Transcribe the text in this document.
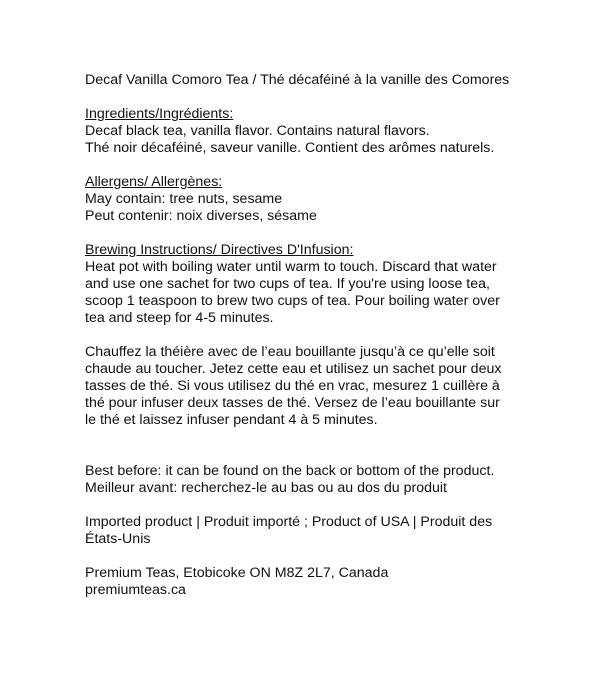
Decaf Vanilla Comoro Tea / Thé décaféiné à la vanille des Comores
Ingredients/Ingrédients:
Decaf black tea, vanilla flavor. Contains natural flavors.
Thé noir décaféiné, saveur vanille. Contient des arômes naturels.
Allergens/ Allergènes:
May contain: tree nuts, sesame
Peut contenir: noix diverses, sésame
Brewing Instructions/ Directives D'Infusion:
Heat pot with boiling water until warm to touch. Discard that water
and use one sachet for two cups of tea. If you're using loose tea,
scoop 1 teaspoon to brew two cups of tea. Pour boiling water over
tea and steep for 4-5 minutes.
Chauffez la théière avec de l’eau bouillante jusqu’à ce qu’elle soit
chaude au toucher. Jetez cette eau et utilisez un sachet pour deux
tasses de thé. Si vous utilisez du thé en vrac, mesurez 1 cuillère à
thé pour infuser deux tasses de thé. Versez de l’eau bouillante sur
le thé et laissez infuser pendant 4 à 5 minutes.
Best before: it can be found on the back or bottom of the product.
Meilleur avant: recherchez-le au bas ou au dos du produit
Imported product | Produit importé ; Product of USA | Produit des
États-Unis
Premium Teas, Etobicoke ON M8Z 2L7, Canada
premiumteas.ca
